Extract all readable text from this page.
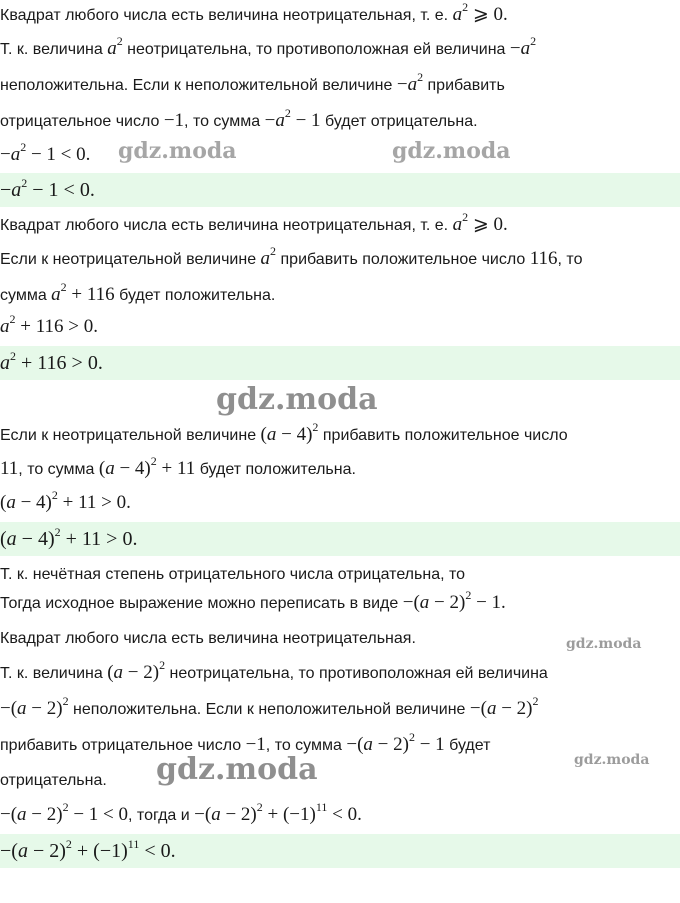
Квадрат любого числа есть величина неотрицательная, т. е. $a^2$ ⩾ 0.
Т. к. величина $a^2$ неотрицательна, то противоположная ей величина $-a^2$
неположительна. Если к неположительной величине $-a^2$ прибавить
отрицательное число −1, то сумма $-a^2 - 1$ будет отрицательна.
$-a^2 - 1 < 0$.	gdz.moda	gdz.moda
$-a^2 - 1 < 0$.
Квадрат любого числа есть величина неотрицательная, т. е. $a^2$ ⩾ 0.
Если к неотрицательной величине $a^2$ прибавить положительное число 116, то
сумма $a^2 + 116$ будет положительна.
$a^2 + 116 > 0$.
$a^2 + 116 > 0$.
gdz.moda
Если к неотрицательной величине $(a - 4)^2$ прибавить положительное число
11, то сумма $(a - 4)^2 + 11$ будет положительна.
$(a - 4)^2 + 11 > 0$.
$(a - 4)^2 + 11 > 0$.
Т. к. нечётная степень отрицательного числа отрицательна, то
Тогда исходное выражение можно переписать в виде $-(a - 2)^2 - 1$.
Квадрат любого числа есть величина неотрицательная.	gdz.moda
Т. к. величина $(a - 2)^2$ неотрицательна, то противоположная ей величина
$-(a - 2)^2$ неположительна. Если к неположительной величине $-(a - 2)^2$
прибавить отрицательное число −1, то сумма $-(a - 2)^2 - 1$ будет
gdz.moda
отрицательна.	gdz.moda
$-(a - 2)^2 - 1 < 0$, тогда $и -(a - 2)^2 + (-1)^{11} < 0$.
$-(a - 2)^2 + (-1)^{11} < 0$.
